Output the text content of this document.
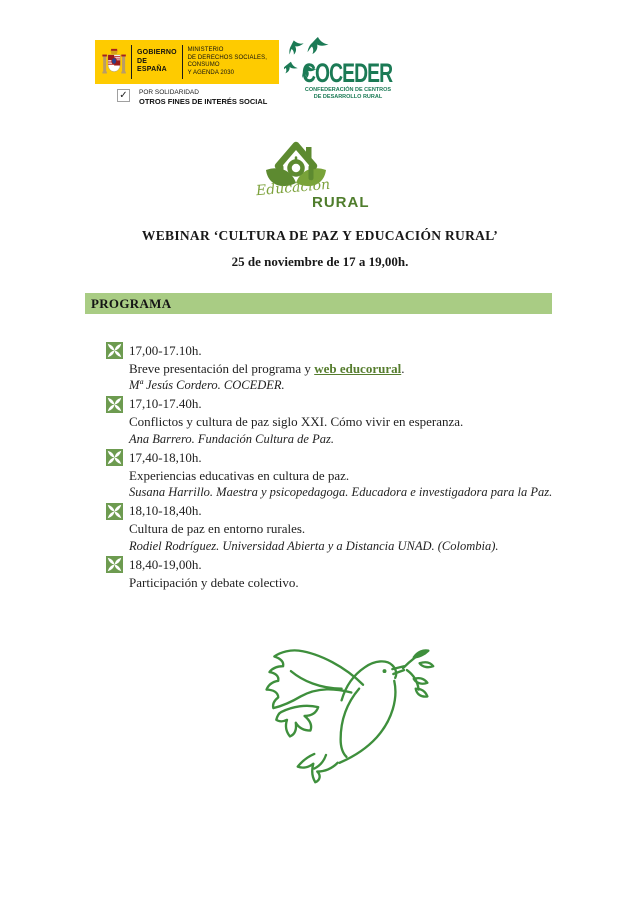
GOBIERNO
DE ESPAÑA
MINISTERIO
DE DERECHOS SOCIALES, CONSUMO
Y AGENDA 2030
✓	POR SOLIDARIDAD
OTROS FINES DE INTERÉS SOCIAL
COCEDER
CONFEDERACIÓN DE CENTROS
DE DESARROLLO RURAL
Educación
RURAL
WEBINAR ‘CULTURA DE PAZ Y EDUCACIÓN RURAL’
25 de noviembre de 17 a 19,00h.
PROGRAMA
17,00-17.10h.
Breve presentación del programa y web educorural.
Mª Jesús Cordero. COCEDER.
17,10-17.40h.
Conflictos y cultura de paz siglo XXI. Cómo vivir en esperanza.
Ana Barrero. Fundación Cultura de Paz.
17,40-18,10h.
Experiencias educativas en cultura de paz.
Susana Harrillo. Maestra y psicopedagoga. Educadora e investigadora para la Paz.
18,10-18,40h.
Cultura de paz en entorno rurales.
Rodiel Rodríguez. Universidad Abierta y a Distancia UNAD. (Colombia).
18,40-19,00h.
Participación y debate colectivo.
